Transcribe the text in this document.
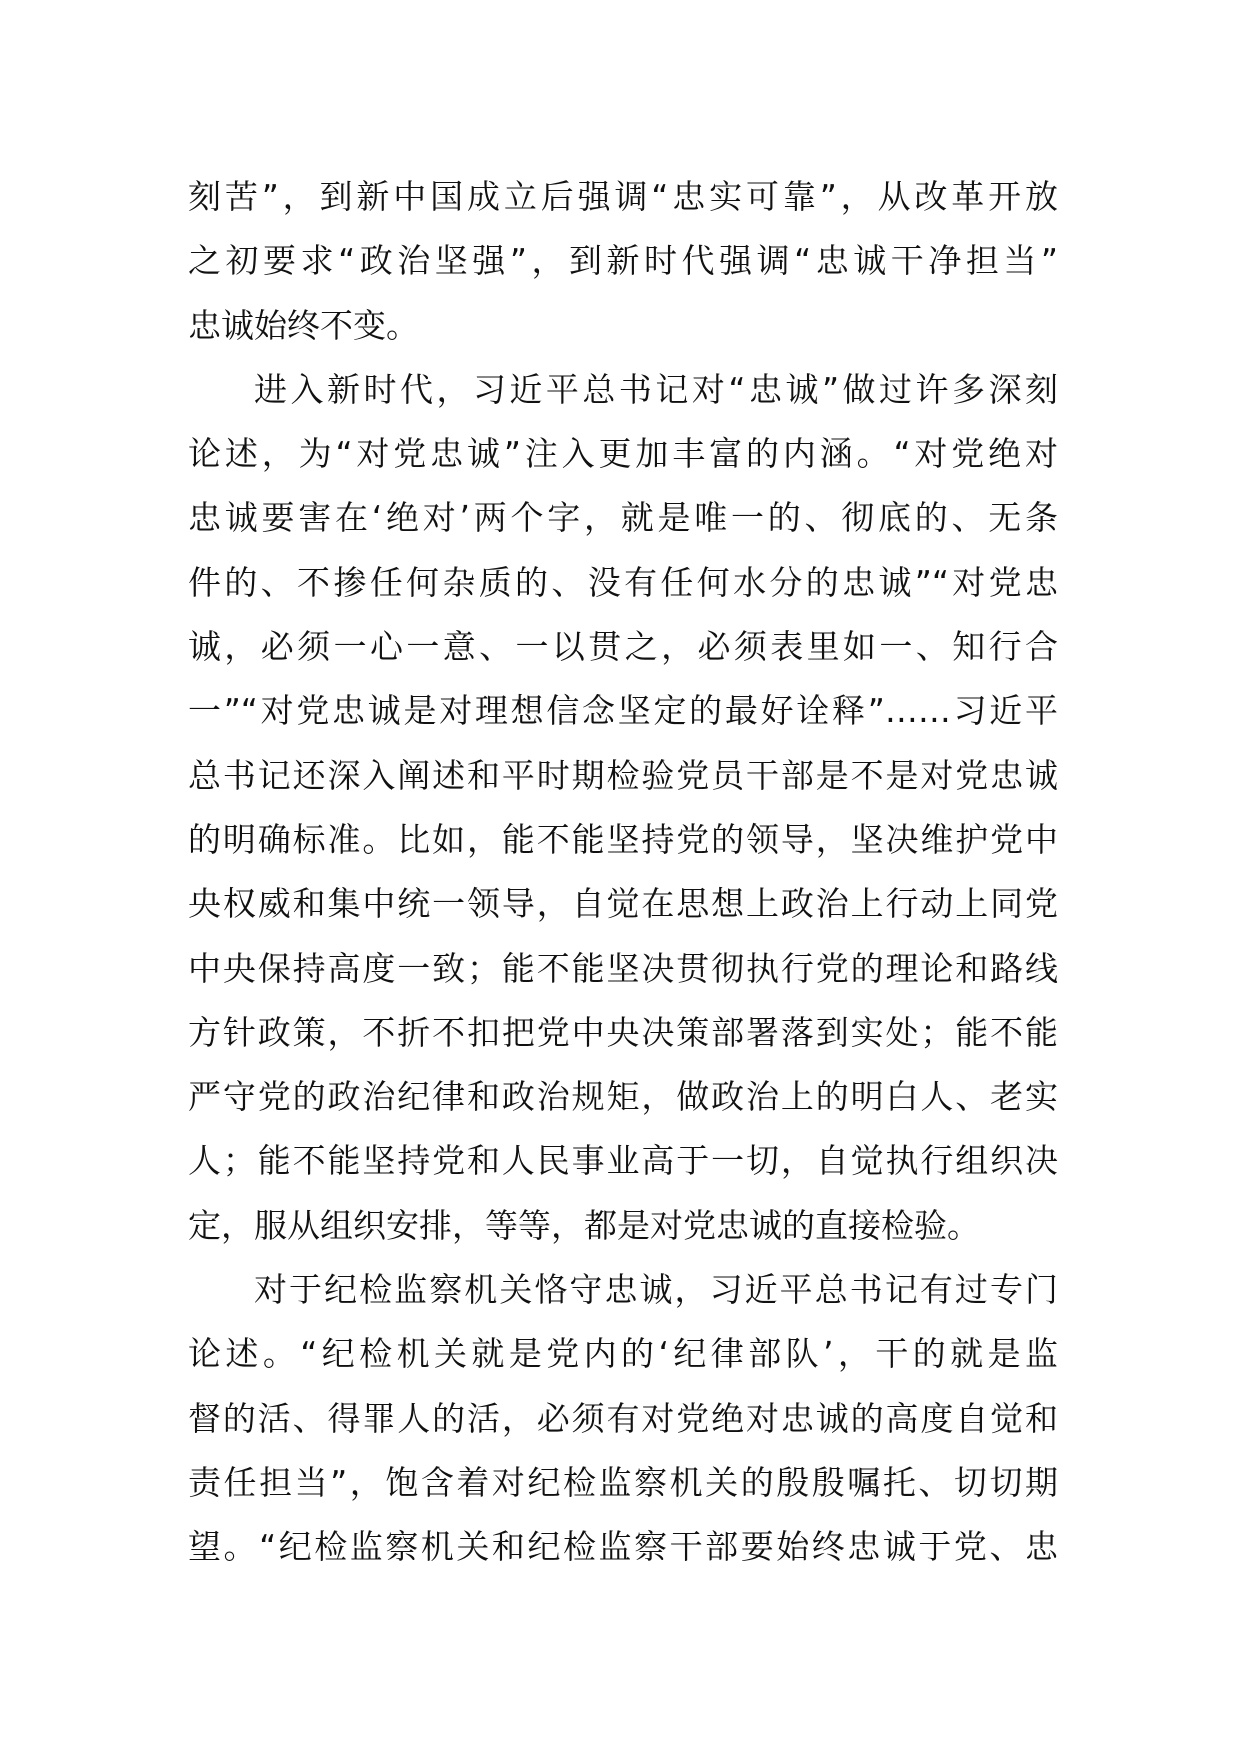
刻苦”，到新中国成立后强调“忠实可靠”，从改革开放
之初要求“政治坚强”，到新时代强调“忠诚干净担当”
忠诚始终不变。
进入新时代，习近平总书记对“忠诚”做过许多深刻
论述，为“对党忠诚”注入更加丰富的内涵。“对党绝对
忠诚要害在‘绝对’两个字，就是唯一的、彻底的、无条
件的、不掺任何杂质的、没有任何水分的忠诚”“对党忠
诚，必须一心一意、一以贯之，必须表里如一、知行合
一”“对党忠诚是对理想信念坚定的最好诠释”……习近平
总书记还深入阐述和平时期检验党员干部是不是对党忠诚
的明确标准。比如，能不能坚持党的领导，坚决维护党中
央权威和集中统一领导，自觉在思想上政治上行动上同党
中央保持高度一致；能不能坚决贯彻执行党的理论和路线
方针政策，不折不扣把党中央决策部署落到实处；能不能
严守党的政治纪律和政治规矩，做政治上的明白人、老实
人；能不能坚持党和人民事业高于一切，自觉执行组织决
定，服从组织安排，等等，都是对党忠诚的直接检验。
对于纪检监察机关恪守忠诚，习近平总书记有过专门
论述。“纪检机关就是党内的‘纪律部队’，干的就是监
督的活、得罪人的活，必须有对党绝对忠诚的高度自觉和
责任担当”，饱含着对纪检监察机关的殷殷嘱托、切切期
望。“纪检监察机关和纪检监察干部要始终忠诚于党、忠
